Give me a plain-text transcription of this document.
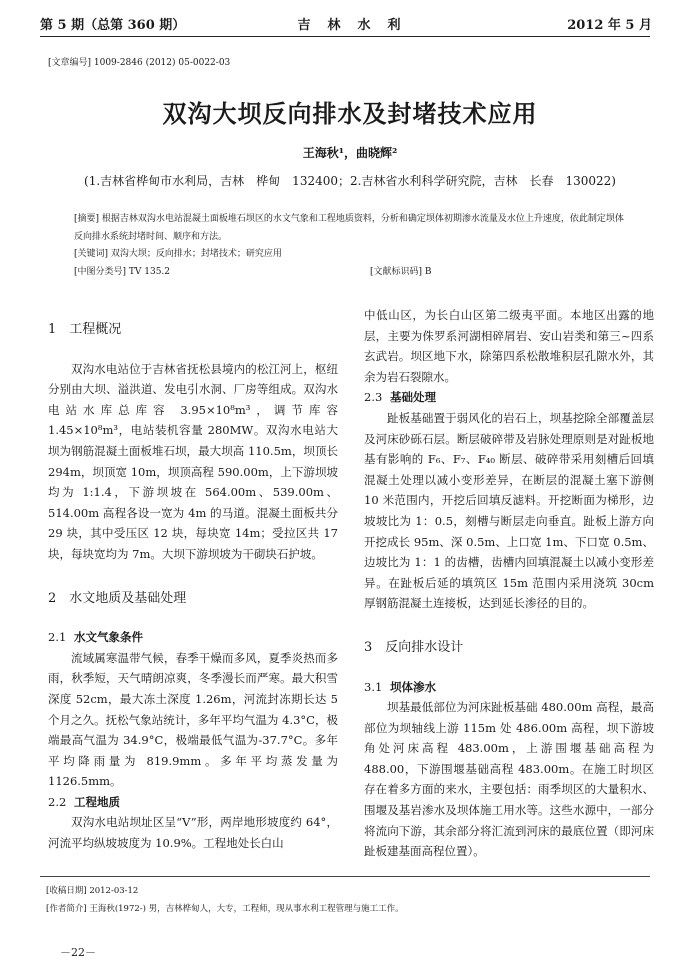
第 5 期（总第 360 期）	吉　林　水　利	2012 年 5 月
[文章编号] 1009-2846 (2012) 05-0022-03
双沟大坝反向排水及封堵技术应用
王海秋¹，曲晓辉²
(1.吉林省桦甸市水利局，吉林　桦甸　132400；2.吉林省水利科学研究院，吉林　长春　130022)
[摘要] 根据吉林双沟水电站混凝土面板堆石坝区的水文气象和工程地质资料，分析和确定坝体初期渗水流量及水位上升速度，依此制定坝体反向排水系统封堵时间、顺序和方法。
[关键词] 双沟大坝；反向排水；封堵技术；研究应用
[中图分类号] TV 135.2	[文献标识码] B
1　工程概况

双沟水电站位于吉林省抚松县境内的松江河上，枢纽分别由大坝、溢洪道、发电引水洞、厂房等组成。双沟水电站水库总库容 3.95×10⁸m³，调节库容 1.45×10⁸m³，电站装机容量 280MW。双沟水电站大坝为钢筋混凝土面板堆石坝，最大坝高 110.5m，坝顶长 294m，坝顶宽 10m，坝顶高程 590.00m，上下游坝坡均为 1:1.4，下游坝坡在 564.00m、539.00m、514.00m 高程各设一宽为 4m 的马道。混凝土面板共分 29 块，其中受压区 12 块，每块宽 14m；受拉区共 17 块，每块宽均为 7m。大坝下游坝坡为干砌块石护坡。

2　水文地质及基础处理
2.1 水文气象条件

流域属寒温带气候，春季干燥而多风，夏季炎热而多雨，秋季短，天气晴朗凉爽，冬季漫长而严寒。最大积雪深度 52cm，最大冻土深度 1.26m，河流封冻期长达 5 个月之久。抚松气象站统计，多年平均气温为 4.3°C，极端最高气温为 34.9°C，极端最低气温为-37.7°C。多年平均降雨量为 819.9mm。多年平均蒸发量为 1126.5mm。

2.2 工程地质

双沟水电站坝址区呈“V”形，两岸地形坡度约 64°，河流平均纵坡坡度为 10.9%。工程地处长白山

中低山区，为长白山区第二级夷平面。本地区出露的地层，主要为侏罗系河湖相碎屑岩、安山岩类和第三~四系玄武岩。坝区地下水，除第四系松散堆积层孔隙水外，其余为岩石裂隙水。

2.3 基础处理

趾板基础置于弱风化的岩石上，坝基挖除全部覆盖层及河床砂砾石层。断层破碎带及岩脉处理原则是对趾板地基有影响的 F₆、F₇、F₄₀ 断层、破碎带采用刻槽后回填混凝土处理以减小变形差异，在断层的混凝土塞下游侧 10 米范围内，开挖后回填反滤料。开挖断面为梯形，边坡坡比为 1：0.5，刻槽与断层走向垂直。趾板上游方向开挖成长 95m、深 0.5m、上口宽 1m、下口宽 0.5m、边坡比为 1：1 的齿槽，齿槽内回填混凝土以减小变形差异。在趾板后延的填筑区 15m 范围内采用浇筑 30cm 厚钢筋混凝土连接板，达到延长渗径的目的。

3　反向排水设计
3.1 坝体渗水

坝基最低部位为河床趾板基础 480.00m 高程，最高部位为坝轴线上游 115m 处 486.00m 高程，坝下游坡角处河床高程 483.00m，上游围堰基础高程为 488.00，下游围堰基础高程 483.00m。在施工时坝区存在着多方面的来水，主要包括：雨季坝区的大量积水、围堰及基岩渗水及坝体施工用水等。这些水源中，一部分将流向下游，其余部分将汇流到河床的最底位置（即河床趾板建基面高程位置）。

[收稿日期] 2012-03-12
[作者简介] 王海秋(1972-) 男，吉林桦甸人，大专，工程师，现从事水利工程管理与施工工作。
－22－
